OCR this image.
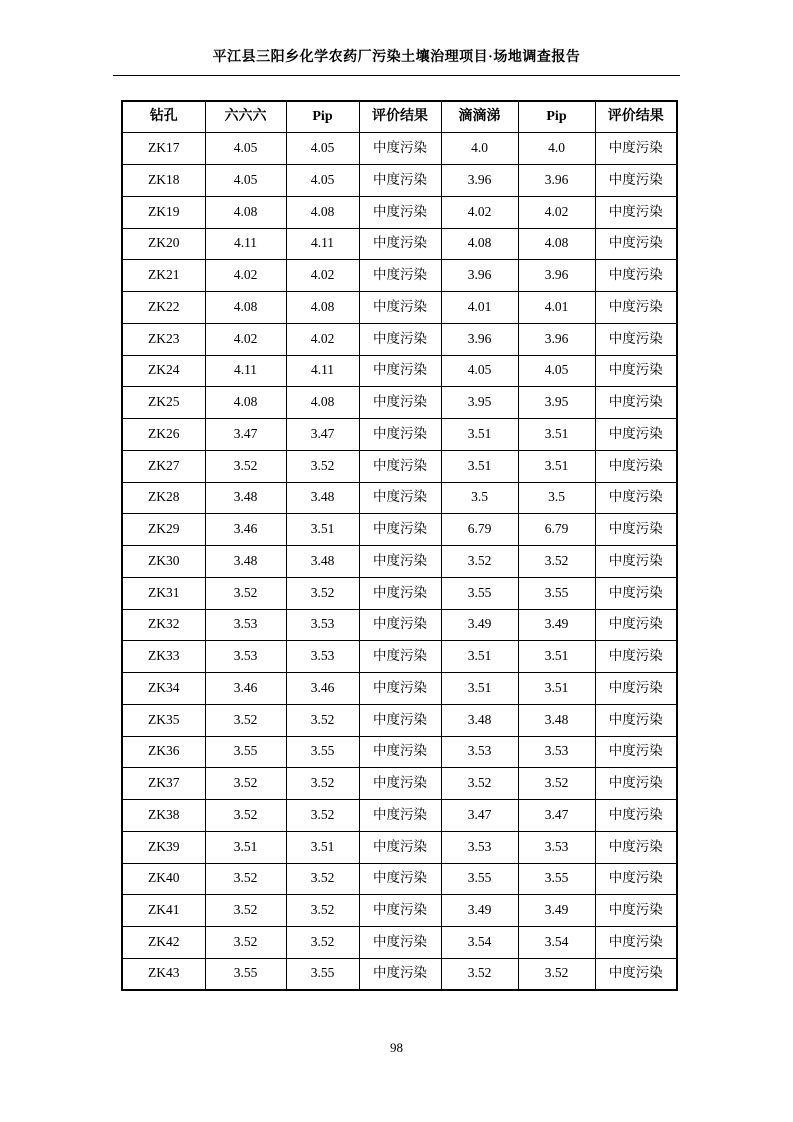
平江县三阳乡化学农药厂污染土壤治理项目·场地调查报告
钻孔	六六六	Pip	评价结果	滴滴涕	Pip	评价结果
ZK17	4.05	4.05	中度污染	4.0	4.0	中度污染
ZK18	4.05	4.05	中度污染	3.96	3.96	中度污染
ZK19	4.08	4.08	中度污染	4.02	4.02	中度污染
ZK20	4.11	4.11	中度污染	4.08	4.08	中度污染
ZK21	4.02	4.02	中度污染	3.96	3.96	中度污染
ZK22	4.08	4.08	中度污染	4.01	4.01	中度污染
ZK23	4.02	4.02	中度污染	3.96	3.96	中度污染
ZK24	4.11	4.11	中度污染	4.05	4.05	中度污染
ZK25	4.08	4.08	中度污染	3.95	3.95	中度污染
ZK26	3.47	3.47	中度污染	3.51	3.51	中度污染
ZK27	3.52	3.52	中度污染	3.51	3.51	中度污染
ZK28	3.48	3.48	中度污染	3.5	3.5	中度污染
ZK29	3.46	3.51	中度污染	6.79	6.79	中度污染
ZK30	3.48	3.48	中度污染	3.52	3.52	中度污染
ZK31	3.52	3.52	中度污染	3.55	3.55	中度污染
ZK32	3.53	3.53	中度污染	3.49	3.49	中度污染
ZK33	3.53	3.53	中度污染	3.51	3.51	中度污染
ZK34	3.46	3.46	中度污染	3.51	3.51	中度污染
ZK35	3.52	3.52	中度污染	3.48	3.48	中度污染
ZK36	3.55	3.55	中度污染	3.53	3.53	中度污染
ZK37	3.52	3.52	中度污染	3.52	3.52	中度污染
ZK38	3.52	3.52	中度污染	3.47	3.47	中度污染
ZK39	3.51	3.51	中度污染	3.53	3.53	中度污染
ZK40	3.52	3.52	中度污染	3.55	3.55	中度污染
ZK41	3.52	3.52	中度污染	3.49	3.49	中度污染
ZK42	3.52	3.52	中度污染	3.54	3.54	中度污染
ZK43	3.55	3.55	中度污染	3.52	3.52	中度污染
98
